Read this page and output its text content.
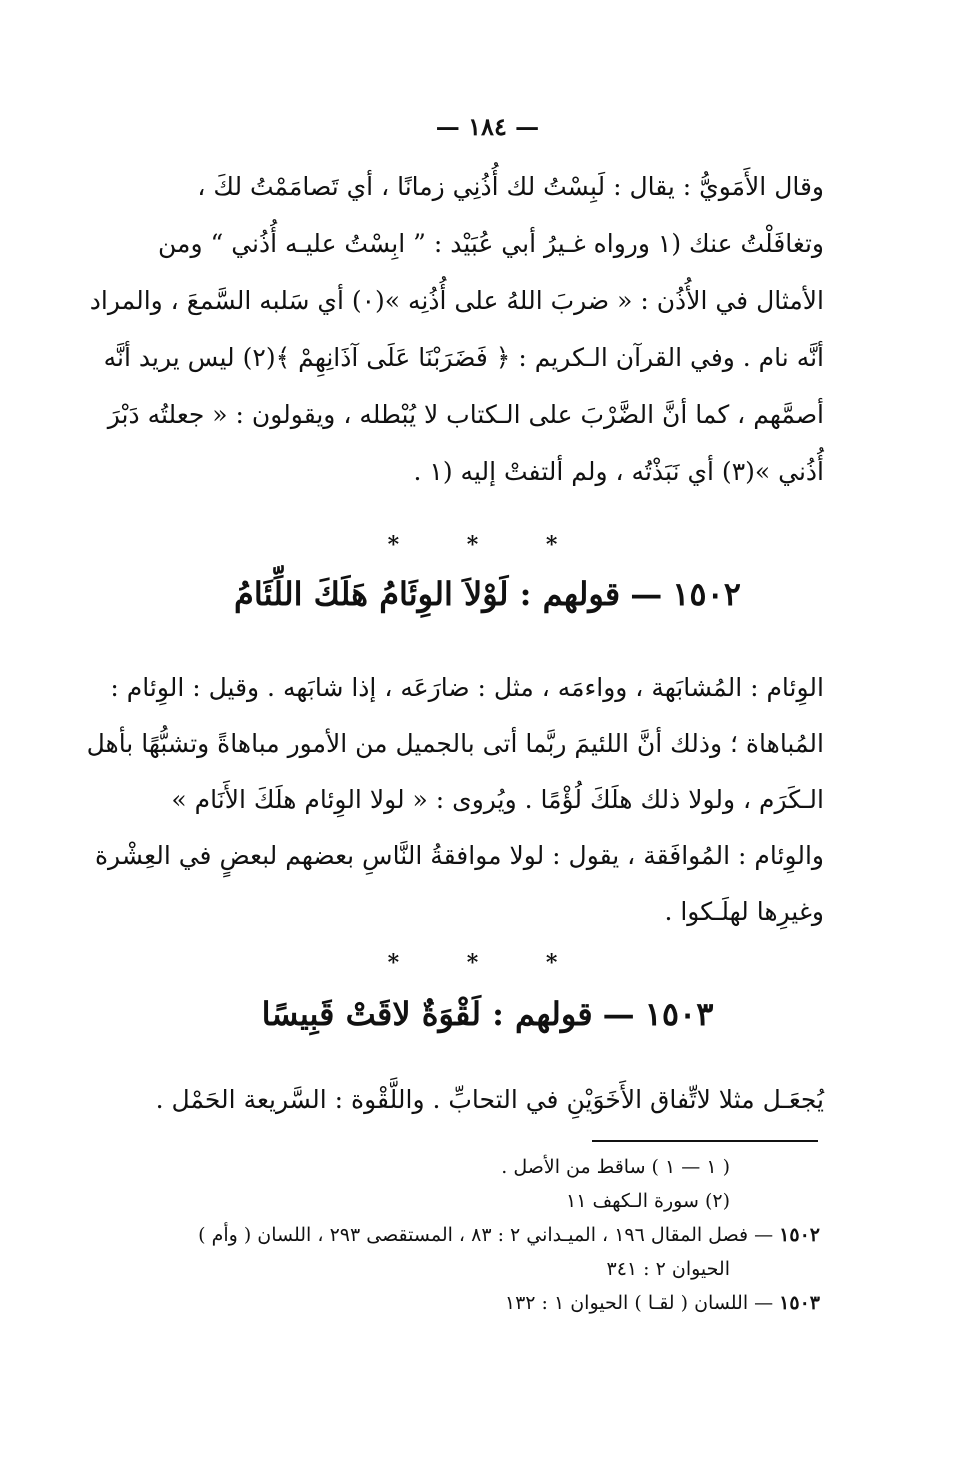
— ١٨٤ —
وقال الأَمَويُّ : يقال : لَبِسْتُ لك أُذُنِي زمانًا ، أي تَصامَمْتُ لكَ ،
وتغافَلْتُ عنك (١ ورواه غـيرُ أبي عُبَيْد : ” ابِسْتُ عليـه أُذُني “ ومن
الأمثال في الأُذُن : « ضربَ اللهُ على أُذُنِه »(٠) أي سَلبه السَّمعَ ، والمراد
أنَّه نام . وفي القرآن الـكريم : ﴿ فَضَرَبْنَا عَلَى آذَانِهِمْ ﴾(٢) ليس يريد أنَّه
أصمَّهم ، كما أنَّ الضَّرْبَ على الـكتاب لا يُبْطله ، ويقولون : « جعلتُه دَبْرَ
أُذُني »(٣) أي نَبَذْتُه ، ولم ألتفتْ إليه (١ .
* * *
١٥٠٢—قولهم : لَوْلاَ الوِئَامُ هَلَكَ اللِّئَامُ
الوِئام : المُشابَهة ، وواءمَه ، مثل : ضارَعَه ، إذا شابَهه . وقيل : الوِئام :
المُباهاة ؛ وذلك أنَّ اللئيمَ ربَّما أتى بالجميل من الأمور مباهاةً وتشبُّهًا بأهل
الـكَرَم ، ولولا ذلك هلَكَ لُؤْمًا . ويُروى : « لولا الوِئام هلَكَ الأَنَام »
والوِئام : المُوافَقة ، يقول : لولا موافقةُ النَّاسِ بعضهم لبعضٍ في العِشْرة
وغيرِها لهلَـكوا .
* * *
١٥٠٣—قولهم : لَقْوَةٌ لاقَتْ قَبِيسًا
يُجعَـل مثلا لاتِّفاق الأَخَوَيْنِ في التحابِّ . واللَّقْوة : السَّريعة الحَمْل .
( ١ — ١ ) ساقط من الأصل .
(٢) سورة الـكهف ١١
١٥٠٢— فصل المقال ١٩٦ ، الميـداني ٢ : ٨٣ ، المستقصى ٢٩٣ ، اللسان ( وأم )
الحيوان ٢ : ٣٤١
١٥٠٣— اللسان ( لقـا ) الحيوان ١ : ١٣٢
